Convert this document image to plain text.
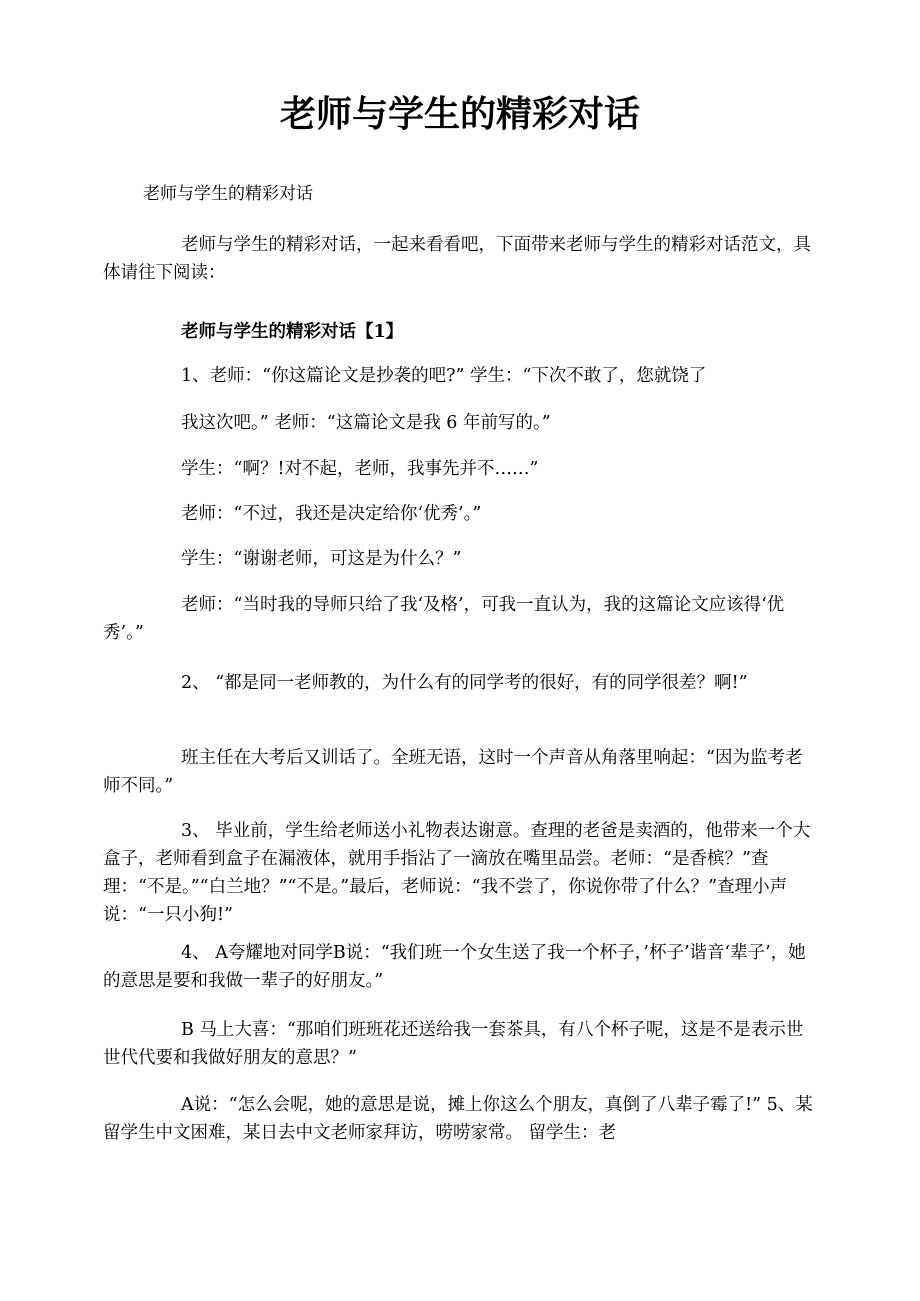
老师与学生的精彩对话
老师与学生的精彩对话

老师与学生的精彩对话，一起来看看吧，下面带来老师与学生的精彩对话范文，具体请往下阅读：

老师与学生的精彩对话【1】

1、老师：“你这篇论文是抄袭的吧?” 学生：“下次不敢了，您就饶了

我这次吧。” 老师：“这篇论文是我 6 年前写的。”

学生：“啊？!对不起，老师，我事先并不……”

老师：“不过，我还是决定给你‘优秀’。”

学生：“谢谢老师，可这是为什么？”

老师：“当时我的导师只给了我‘及格’，可我一直认为，我的这篇论文应该得‘优秀’。”

2、 “都是同一老师教的，为什么有的同学考的很好，有的同学很差？啊!”

班主任在大考后又训话了。全班无语，这时一个声音从角落里响起：“因为监考老师不同。”

3、 毕业前，学生给老师送小礼物表达谢意。查理的老爸是卖酒的，他带来一个大盒子，老师看到盒子在漏液体，就用手指沾了一滴放在嘴里品尝。老师：“是香槟？”查理：“不是。”“白兰地？”“不是。”最后，老师说：“我不尝了，你说你带了什么？”查理小声说：“一只小狗!”

4、 A夸耀地对同学B说：“我们班一个女生送了我一个杯子，’杯子’谐音‘辈子’，她的意思是要和我做一辈子的好朋友。”

B 马上大喜：“那咱们班班花还送给我一套茶具，有八个杯子呢，这是不是表示世世代代要和我做好朋友的意思？”

A说：“怎么会呢，她的意思是说，摊上你这么个朋友，真倒了八辈子霉了!” 5、某留学生中文困难，某日去中文老师家拜访，唠唠家常。 留学生：老
